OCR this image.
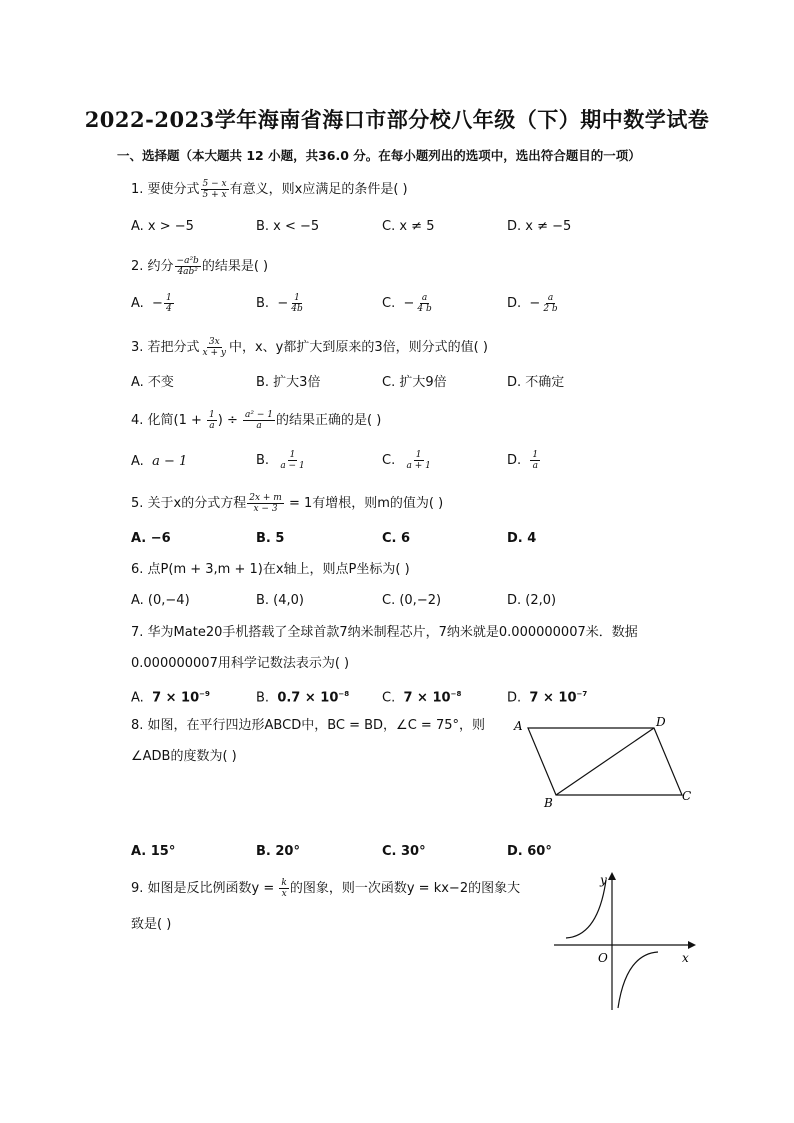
2022-2023学年海南省海口市部分校八年级（下）期中数学试卷
一、选择题（本大题共 12 小题，共36.0 分。在每小题列出的选项中，选出符合题目的一项）
1. 要使分式 $\frac{5 - x}{5 + x}$ 有意义，则x应满足的条件是( )
A. x > −5	B. x < −5	C. x ≠ 5	D. x ≠ −5
2. 约分 $\frac{\text{−a²b}}{\text{4ab²}}$ 的结果是( )
A.  − $\frac{1}{4}$	B.  − $\frac{1}{4b}$	C.  − $\frac{a}{4 b}$	D.  − $\frac{a}{2 b}$
3. 若把分式 $\frac{3x}{x + y}$ 中，x、y都扩大到原来的3倍，则分式的值( )
A. 不变	B. 扩大3倍	C. 扩大9倍	D. 不确定
4. 化简($1 + \frac{1}{a}$ ) ÷ $\frac{\text{a² − 1}}{a}$ 的结果正确的是( )
A. a − 1	B. $\frac{1}{a - 1}$	C. $\frac{1}{a + 1}$	D. $\frac{1}{a}$
5. 关于x的分式方程 $\frac{2x + m}{x - 3} = 1$有增根，则m的值为( )
A. −6	B. 5	C. 6	D. 4
6. 点P(m + 3,m + 1)在x轴上，则点P坐标为( )
A. (0,−4)	B. (4,0)	C. (0,−2)	D. (2,0)
7. 华为Mate20手机搭载了全球首款7纳米制程芯片，7纳米就是0.000000007米．数据
0.000000007用科学记数法表示为( )
A. $7 \times 10^{-9}$	B. $0.7 \times 10^{-8}$	C. $7 \times 10^{-8}$	D. $7 \times 10^{-7}$
8. 如图，在平行四边形ABCD中，BC = BD，∠C = 75°，则
∠ADB的度数为( )
A	D
B	C
A. 15°	B. 20°	C. 30°	D. 60°
9. 如图是反比例函数$y = \frac{k}{x}$ 的图象，则一次函数y = kx−2的图象大
致是( )
y
x
O
